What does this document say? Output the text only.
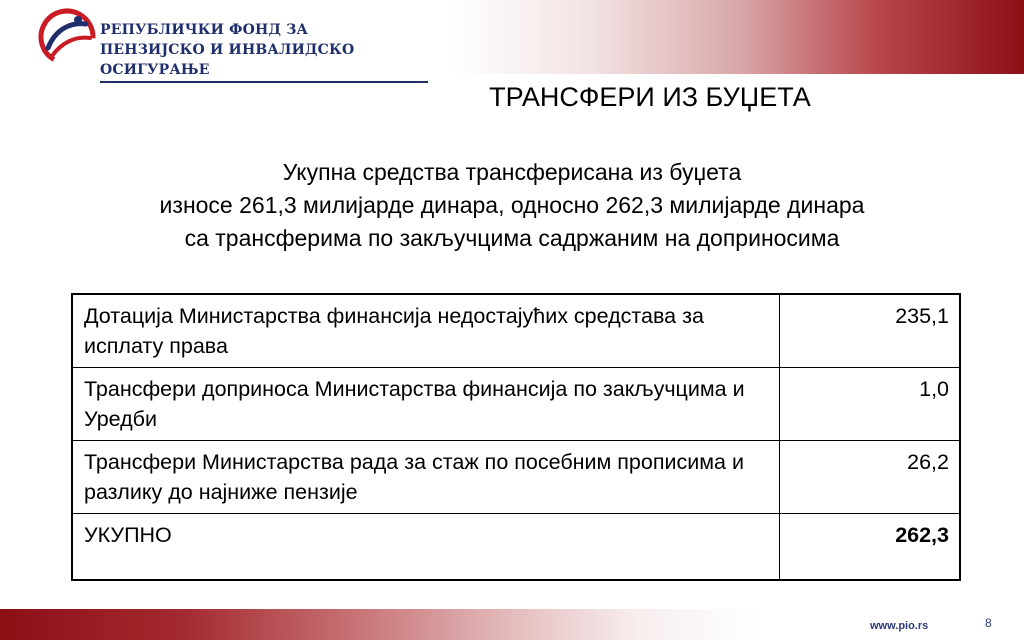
РЕПУБЛИЧКИ ФОНД ЗА

ПЕНЗИЈСКО И ИНВАЛИДСКО ОСИГУРАЊЕ
ТРАНСФЕРИ ИЗ БУЏЕТА
Укупна средства трансферисана из буџета
износе 261,3 милијарде динара, односно 262,3 милијарде динара
са трансферима по закључцима садржаним на доприносима
Дотација Министарства финансија недостајућих средстава за исплату права	235,1
Трансфери доприноса Министарства финансија по закључцима и Уредби	1,0
Трансфери Министарства рада за стаж по посебним прописима и разлику до најниже пензије	26,2
УКУПНО	262,3
www.pio.rs	8
